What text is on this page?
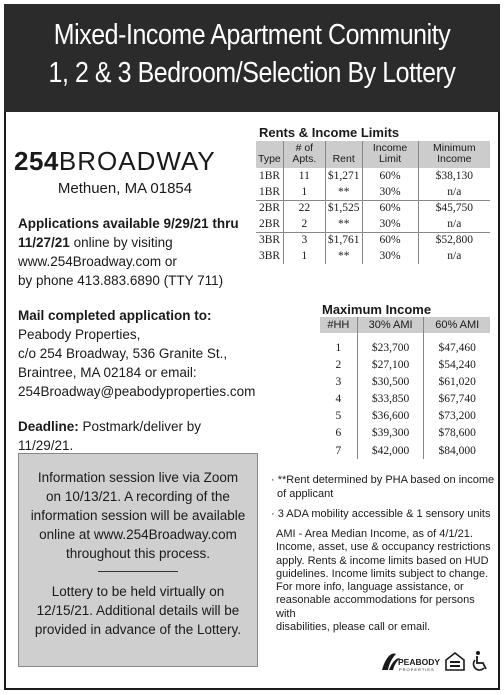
Mixed-Income Apartment Community
1, 2 & 3 Bedroom/Selection By Lottery
254BROADWAY
Methuen, MA 01854
Applications available 9/29/21 thru 11/27/21 online by visiting
www.254Broadway.com or
by phone 413.883.6890 (TTY 711)
Mail completed application to:
Peabody Properties,
c/o 254 Broadway, 536 Granite St.,
Braintree, MA 02184 or email:
254Broadway@peabodyproperties.com
Deadline: Postmark/deliver by 11/29/21.
Rents & Income Limits
Type	# of Apts.	Rent	Income Limit	Minimum Income
1BR	11	$1,271	60%	$38,130
1BR	1	**	30%	n/a
2BR	22	$1,525	60%	$45,750
2BR	2	**	30%	n/a
3BR	3	$1,761	60%	$52,800
3BR	1	**	30%	n/a
Maximum Income
#HH	30% AMI	60% AMI
1	$23,700	$47,460
2	$27,100	$54,240
3	$30,500	$61,020
4	$33,850	$67,740
5	$36,600	$73,200
6	$39,300	$78,600
7	$42,000	$84,000
Information session live via Zoom
on 10/13/21. A recording of the
information session will be available
online at www.254Broadway.com
throughout this process.
Lottery to be held virtually on
12/15/21. Additional details will be
provided in advance of the Lottery.
· **Rent determined by PHA based on income
of applicant
· 3 ADA mobility accessible & 1 sensory units
AMI - Area Median Income, as of 4/1/21.
Income, asset, use & occupancy restrictions
apply. Rents & income limits based on HUD
guidelines. Income limits subject to change.
For more info, language assistance, or
reasonable accommodations for persons with
disabilities, please call or email.
PEABODY
PROPERTIES
